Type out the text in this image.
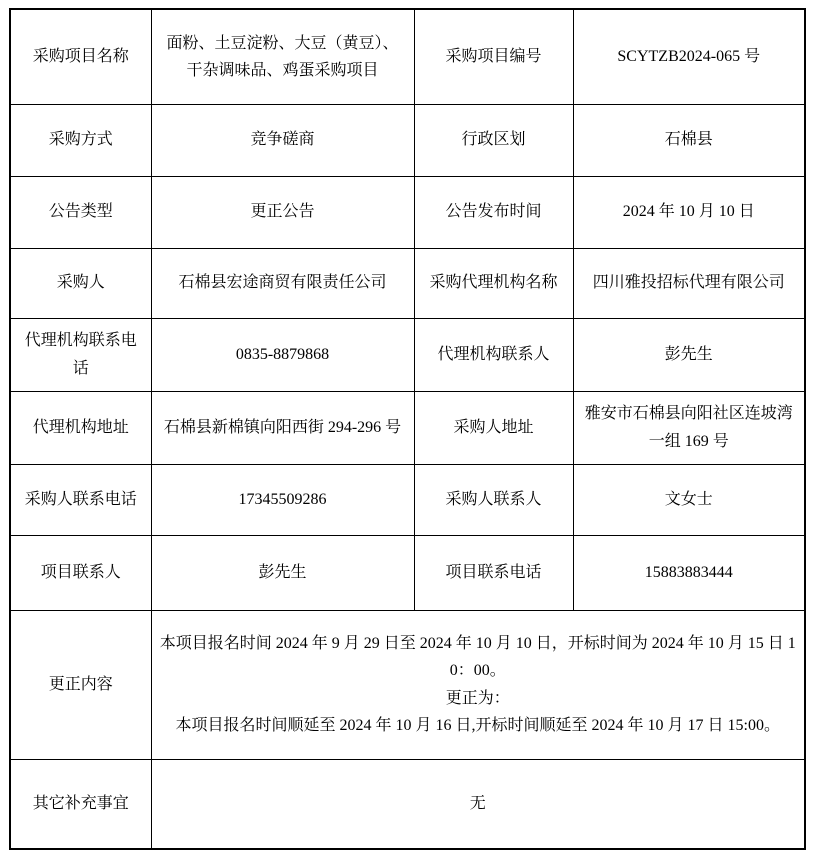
采购项目名称	面粉、土豆淀粉、大豆（黄豆）、干杂调味品、鸡蛋采购项目	采购项目编号	SCYTZB2024-065 号
采购方式	竞争磋商	行政区划	石棉县
公告类型	更正公告	公告发布时间	2024 年 10 月 10 日
采购人	石棉县宏途商贸有限责任公司	采购代理机构名称	四川雅投招标代理有限公司
代理机构联系电话	0835-8879868	代理机构联系人	彭先生
代理机构地址	石棉县新棉镇向阳西街 294-296 号	采购人地址	雅安市石棉县向阳社区连坡湾一组 169 号
采购人联系电话	17345509286	采购人联系人	文女士
项目联系人	彭先生	项目联系电话	15883883444
更正内容	本项目报名时间 2024 年 9 月 29 日至 2024 年 10 月 10 日，开标时间为 2024 年 10 月 15 日 10：00。
更正为：
本项目报名时间顺延至 2024 年 10 月 16 日,开标时间顺延至 2024 年 10 月 17 日 15:00。		

其它补充事宜	无		
